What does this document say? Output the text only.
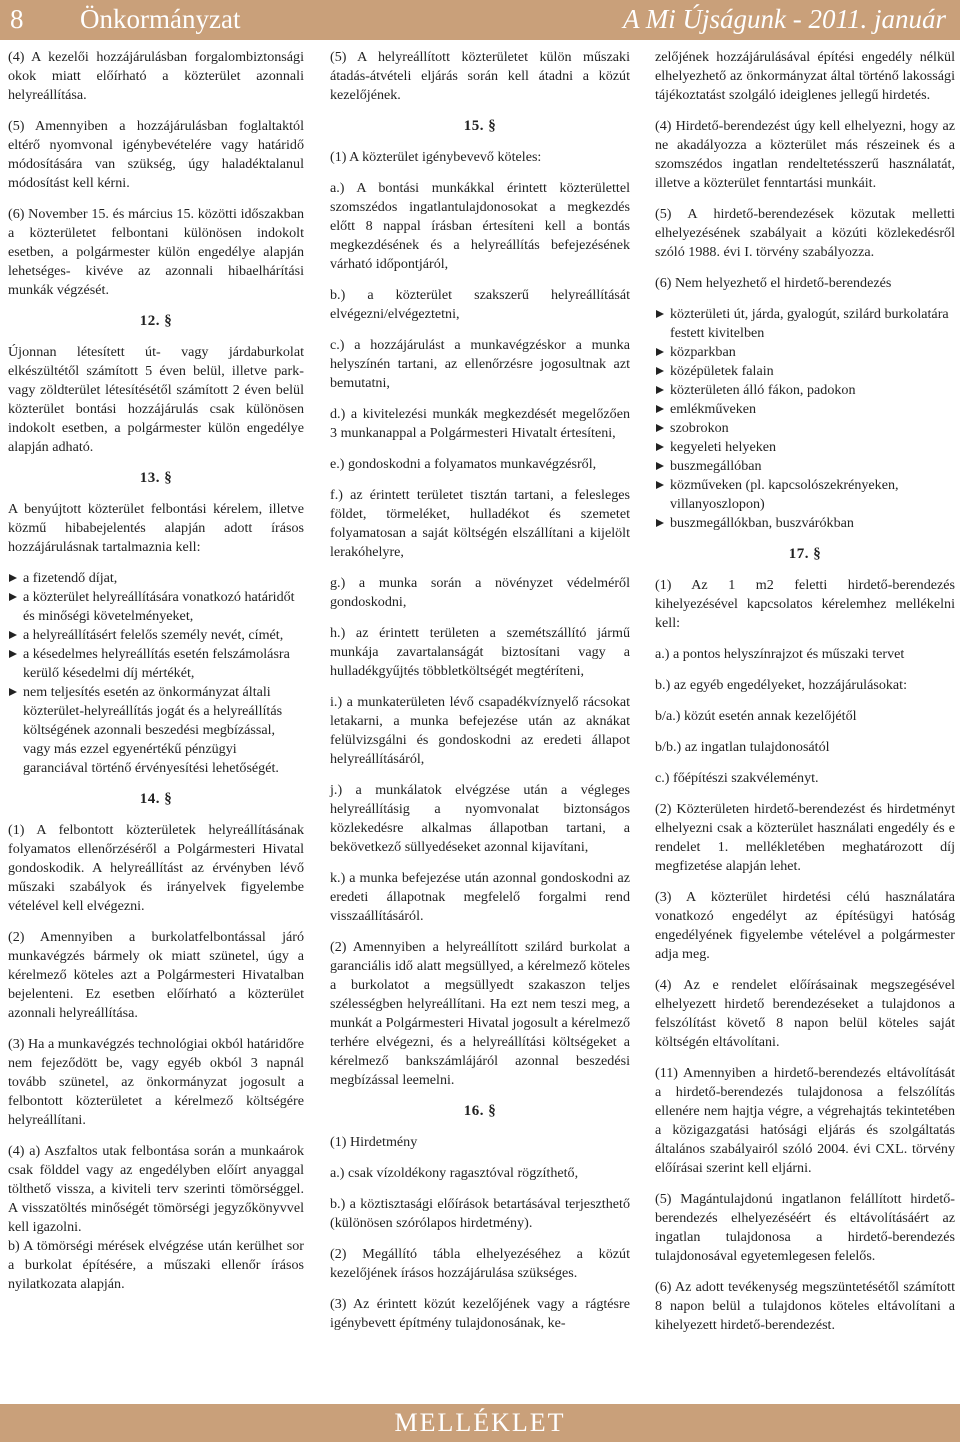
8 Önkormányzat	A Mi Újságunk - 2011. január

(4) A kezelői hozzájárulásban forgalombiztonsági okok miatt előírható a közterület azonnali helyreállítása.

(5) Amennyiben a hozzájárulásban foglaltaktól eltérő nyomvonal igénybevételére vagy határidő módosítására van szükség, úgy haladéktalanul módosítást kell kérni.

(6) November 15. és március 15. közötti időszakban a közterületet felbontani különösen indokolt esetben, a polgármester külön engedélye alapján lehetséges- kivéve az azonnali hibaelhárítási munkák végzését.

12. §

Újonnan létesített út- vagy járdaburkolat elkészültétől számított 5 éven belül, illetve park- vagy zöldterület létesítésétől számított 2 éven belül közterület bontási hozzájárulás csak különösen indokolt esetben, a polgármester külön engedélye alapján adható.

13. §

A benyújtott közterület felbontási kérelem, illetve közmű hibabejelentés alapján adott írásos hozzájárulásnak tartalmaznia kell:

a fizetendő díjat,
a közterület helyreállítására vonatkozó határidőt és minőségi követelményeket,
a helyreállításért felelős személy nevét, címét,
a késedelmes helyreállítás esetén felszámolásra kerülő késedelmi díj mértékét,
nem teljesítés esetén az önkormányzat általi közterület-helyreállítás jogát és a helyreállítás költségének azonnali beszedési megbízással, vagy más ezzel egyenértékű pénzügyi garanciával történő érvényesítési lehetőségét.
14. §

(1) A felbontott közterületek helyreállításának folyamatos ellenőrzéséről a Polgármesteri Hivatal gondoskodik. A helyreállítást az érvényben lévő műszaki szabályok és irányelvek figyelembe vételével kell elvégezni.

(2) Amennyiben a burkolatfelbontással járó munkavégzés bármely ok miatt szünetel, úgy a kérelmező köteles azt a Polgármesteri Hivatalban bejelenteni. Ez esetben előírható a közterület azonnali helyreállítása.

(3) Ha a munkavégzés technológiai okból határidőre nem fejeződött be, vagy egyéb okból 3 napnál tovább szünetel, az önkormányzat jogosult a felbontott közterületet a kérelmező költségére helyreállítani.

(4) a) Aszfaltos utak felbontása során a munkaárok csak földdel vagy az engedélyben előírt anyaggal tölthető vissza, a kiviteli terv szerinti tömörséggel. A visszatöltés minőségét tömörségi jegyzőkönyvvel kell igazolni.

b) A tömörségi mérések elvégzése után kerülhet sor a burkolat építésére, a műszaki ellenőr írásos nyilatkozata alapján.

(5) A helyreállított közterületet külön műszaki átadás-átvételi eljárás során kell átadni a közút kezelőjének.

15. §

(1) A közterület igénybevevő köteles:

a.) A bontási munkákkal érintett közterülettel szomszédos ingatlantulajdonosokat a megkezdés előtt 8 nappal írásban értesíteni kell a bontás megkezdésének és a helyreállítás befejezésének várható időpontjáról,

b.) a közterület szakszerű helyreállítását elvégezni/elvégeztetni,

c.) a hozzájárulást a munkavégzéskor a munka helyszínén tartani, az ellenőrzésre jogosultnak azt bemutatni,

d.) a kivitelezési munkák megkezdését megelőzően 3 munkanappal a Polgármesteri Hivatalt értesíteni,

e.) gondoskodni a folyamatos munkavégzésről,

f.) az érintett területet tisztán tartani, a felesleges földet, törmeléket, hulladékot és szemetet folyamatosan a saját költségén elszállítani a kijelölt lerakóhelyre,

g.) a munka során a növényzet védelméről gondoskodni,

h.) az érintett területen a szemétszállító jármű munkája zavartalanságát biztosítani vagy a hulladékgyűjtés többletköltségét megtéríteni,

i.) a munkaterületen lévő csapadékvíznyelő rácsokat letakarni, a munka befejezése után az aknákat felülvizsgálni és gondoskodni az eredeti állapot helyreállításáról,

j.) a munkálatok elvégzése után a végleges helyreállításig a nyomvonalat biztonságos közlekedésre alkalmas állapotban tartani, a bekövetkező süllyedéseket azonnal kijavítani,

k.) a munka befejezése után azonnal gondoskodni az eredeti állapotnak megfelelő forgalmi rend visszaállításáról.

(2) Amennyiben a helyreállított szilárd burkolat a garanciális idő alatt megsüllyed, a kérelmező köteles a burkolatot a megsüllyedt szakaszon teljes szélességben helyreállítani. Ha ezt nem teszi meg, a munkát a Polgármesteri Hivatal jogosult a kérelmező terhére elvégezni, és a helyreállítási költségeket a kérelmező bankszámlájáról azonnal beszedési megbízással leemelni.

16. §

(1) Hirdetmény

a.) csak vízoldékony ragasztóval rögzíthető,

b.) a köztisztasági előírások betartásával terjeszthető (különösen szórólapos hirdetmény).

(2) Megállító tábla elhelyezéséhez a közút kezelőjének írásos hozzájárulása szükséges.

(3) Az érintett közút kezelőjének vagy a rágtésre igénybevett építmény tulajdonosának, ke-

zelőjének hozzájárulásával építési engedély nélkül elhelyezhető az önkormányzat által történő lakossági tájékoztatást szolgáló ideiglenes jellegű hirdetés.

(4) Hirdető-berendezést úgy kell elhelyezni, hogy az ne akadályozza a közterület más részeinek és a szomszédos ingatlan rendeltetésszerű használatát, illetve a közterület fenntartási munkáit.

(5) A hirdető-berendezések közutak melletti elhelyezésének szabályait a közúti közlekedésről szóló 1988. évi I. törvény szabályozza.

(6) Nem helyezhető el hirdető-berendezés

közterületi út, járda, gyalogút, szilárd burkolatára festett kivitelben
közparkban
középületek falain
közterületen álló fákon, padokon
emlékműveken
szobrokon
kegyeleti helyeken
buszmegállóban
közműveken (pl. kapcsolószekrényeken, villanyoszlopon)
buszmegállókban, buszvárókban
17. §

(1) Az 1 m2 feletti hirdető-berendezés kihelyezésével kapcsolatos kérelemhez mellékelni kell:

a.) a pontos helyszínrajzot és műszaki tervet

b.) az egyéb engedélyeket, hozzájárulásokat:

b/a.) közút esetén annak kezelőjétől

b/b.) az ingatlan tulajdonosától

c.) főépítészi szakvéleményt.

(2) Közterületen hirdető-berendezést és hirdetményt elhelyezni csak a közterület használati engedély és e rendelet 1. mellékletében meghatározott díj megfizetése alapján lehet.

(3) A közterület hirdetési célú használatára vonatkozó engedélyt az építésügyi hatóság engedélyének figyelembe vételével a polgármester adja meg.

(4) Az e rendelet előírásainak megszegésével elhelyezett hirdető berendezéseket a tulajdonos a felszólítást követő 8 napon belül köteles saját költségén eltávolítani.

(11) Amennyiben a hirdető-berendezés eltávolítását a hirdető-berendezés tulajdonosa a felszólítás ellenére nem hajtja végre, a végrehajtás tekintetében a közigazgatási hatósági eljárás és szolgáltatás általános szabályairól szóló 2004. évi CXL. törvény előírásai szerint kell eljárni.

(5) Magántulajdonú ingatlanon felállított hirdető-berendezés elhelyezéséért és eltávolításáért az ingatlan tulajdonosa a hirdető-berendezés tulajdonosával egyetemlegesen felelős.

(6) Az adott tevékenység megszüntetésétől számított 8 napon belül a tulajdonos köteles eltávolítani a kihelyezett hirdető-berendezést.

MELLÉKLET
